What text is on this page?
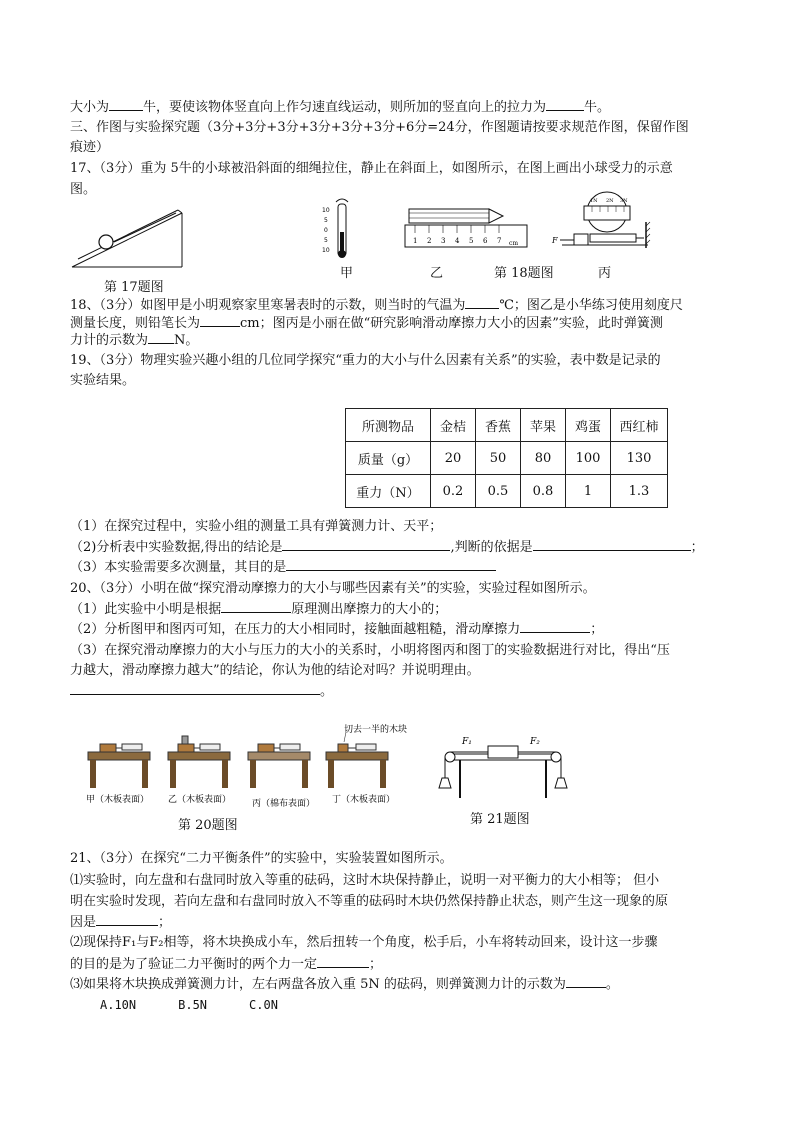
大小为	牛，要使该物体竖直向上作匀速直线运动，则所加的竖直向上的拉力为	牛。
三、作图与实验探究题（3分+3分+3分+3分+3分+3分+6分=24分，作图题请按要求规范作图，保留作图
痕迹）
17、（3分）重为 5牛的小球被沿斜面的细绳拉住，静止在斜面上，如图所示，在图上画出小球受力的示意
图。
第 17题图
10
5
0
5
10
甲
1 2 3 4 5 6 7 cm
乙	第 18题图
1N 2N 3N
F
丙
18、（3分）如图甲是小明观察家里寒暑表时的示数，则当时的气温为	℃；图乙是小华练习使用刻度尺
测量长度，则铅笔长为	cm；图丙是小丽在做“研究影响滑动摩擦力大小的因素”实验，此时弹簧测
力计的示数为 N。
19、（3分）物理实验兴趣小组的几位同学探究“重力的大小与什么因素有关系”的实验，表中数是记录的
实验结果。
所测物品	金桔	香蕉	苹果	鸡蛋	西红柿
质量（g）	20	50	80	100	130
重力（N）	0.2	0.5	0.8	1	1.3
（1）在探究过程中，实验小组的测量工具有弹簧测力计、天平；
（2)分析表中实验数据,得出的结论是	,判断的依据是	；
（3）本实验需要多次测量，其目的是
20、（3分）小明在做“探究滑动摩擦力的大小与哪些因素有关”的实验，实验过程如图所示。
（1）此实验中小明是根据	原理测出摩擦力的大小的；
（2）分析图甲和图丙可知，在压力的大小相同时，接触面越粗糙，滑动摩擦力	；
（3）在探究滑动摩擦力的大小与压力的大小的关系时，小明将图丙和图丁的实验数据进行对比，得出“压
力越大，滑动摩擦力越大”的结论，你认为他的结论对吗？并说明理由。
。
甲（木板表面） 乙（木板表面） 丙（棉布表面）
切去一半的木块
丁（木板表面）
第 20题图
F₁	F₂
第 21题图
21、（3分）在探究“二力平衡条件”的实验中，实验装置如图所示。
⑴实验时，向左盘和右盘同时放入等重的砝码，这时木块保持静止，说明一对平衡力的大小相等； 但小
明在实验时发现，若向左盘和右盘同时放入不等重的砝码时木块仍然保持静止状态，则产生这一现象的原
因是	；
⑵现保持F₁与F₂相等，将木块换成小车，然后扭转一个角度，松手后，小车将转动回来，设计这一步骤
的目的是为了验证二力平衡时的两个力一定	；
⑶如果将木块换成弹簧测力计，左右两盘各放入重 5N 的砝码，则弹簧测力计的示数为	。
A.10N	B.5N	C.0N
